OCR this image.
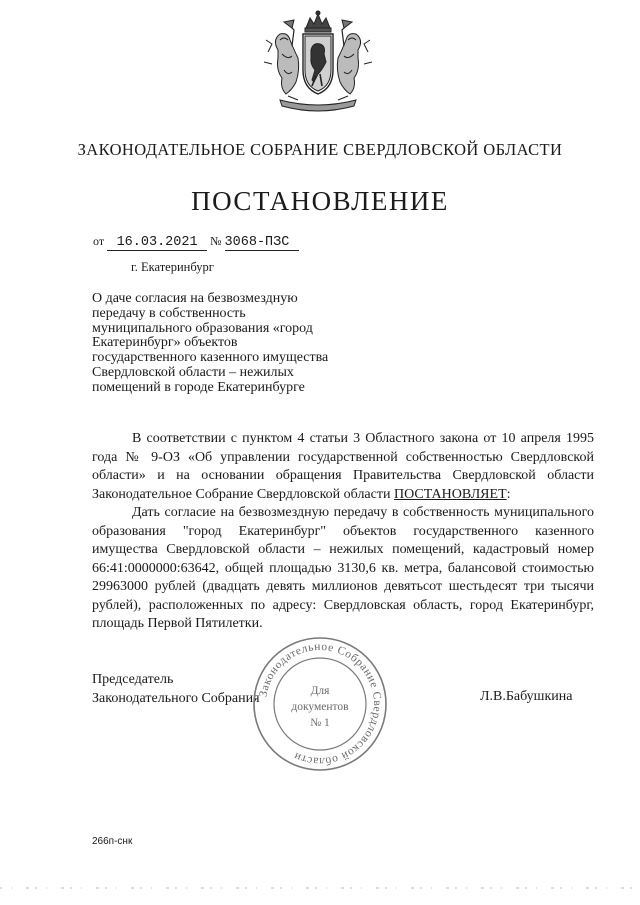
ЗАКОНОДАТЕЛЬНОЕ СОБРАНИЕ СВЕРДЛОВСКОЙ ОБЛАСТИ
ПОСТАНОВЛЕНИЕ
от 16.03.2021 № 3068-ПЗС
г. Екатеринбург
О даче согласия на безвозмездную передачу в собственность муниципального образования «город Екатеринбург» объектов государственного казенного имущества Свердловской области – нежилых помещений в городе Екатеринбурге

В соответствии с пунктом 4 статьи 3 Областного закона от 10 апреля 1995 года № 9-ОЗ «Об управлении государственной собственностью Свердловской области» и на основании обращения Правительства Свердловской области Законодательное Собрание Свердловской области ПОСТАНОВЛЯЕТ:

Дать согласие на безвозмездную передачу в собственность муниципального образования "город Екатеринбург" объектов государственного казенного имущества Свердловской области – нежилых помещений, кадастровый номер 66:41:0000000:63642, общей площадью 3130,6 кв. метра, балансовой стоимостью 29963000 рублей (двадцать девять миллионов девятьсот шестьдесят три тысячи рублей), расположенных по адресу: Свердловская область, город Екатеринбург, площадь Первой Пятилетки.

Председатель
Законодательного Собрания	Л.В.Бабушкина
Законодательное Собрание Свердловской области
Для
документов
№ 1
266п-снк
